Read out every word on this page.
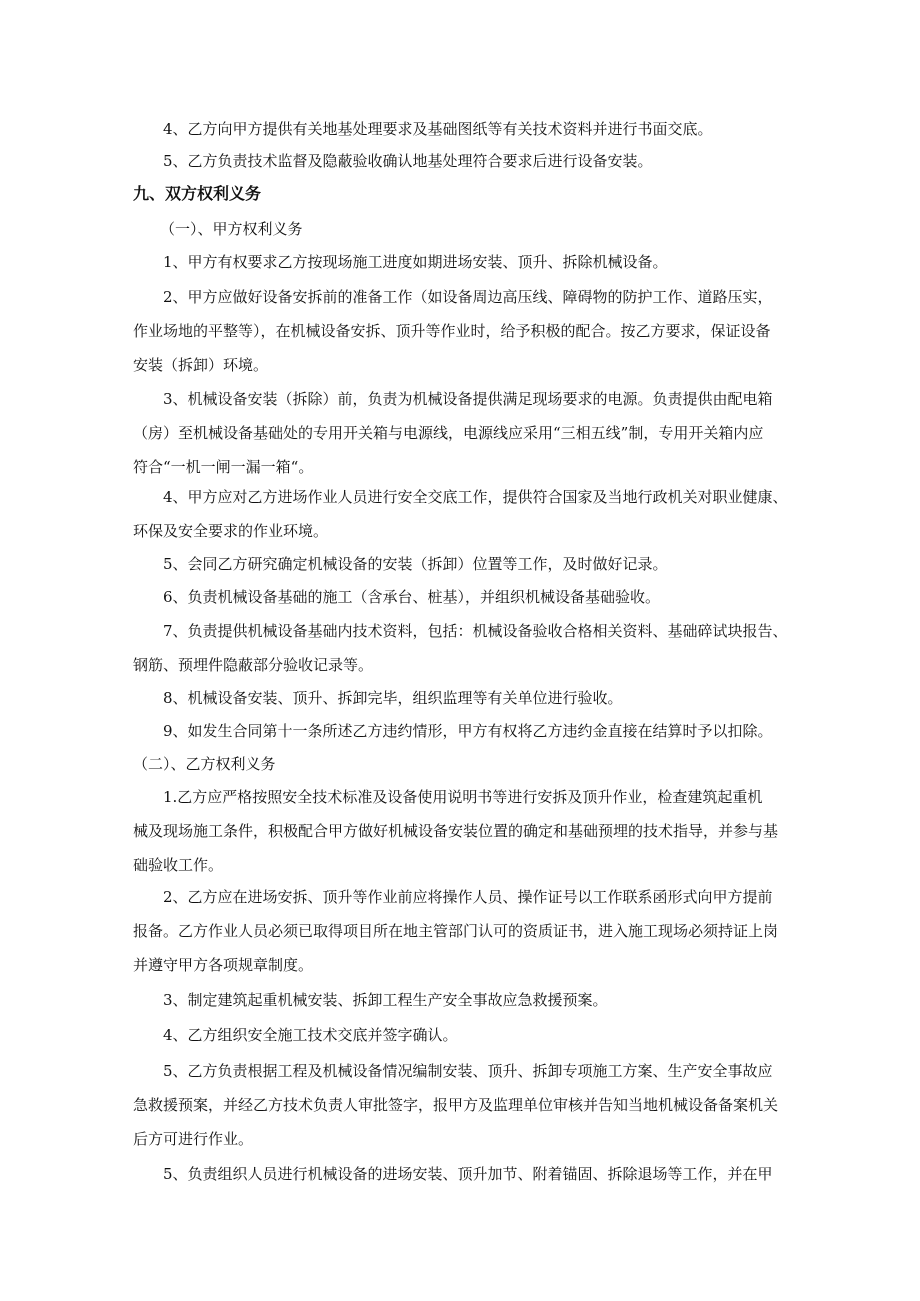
4、乙方向甲方提供有关地基处理要求及基础图纸等有关技术资料并进行书面交底。

5、乙方负责技术监督及隐蔽验收确认地基处理符合要求后进行设备安装。

九、双方权利义务

（一）、甲方权利义务

1、甲方有权要求乙方按现场施工进度如期进场安装、顶升、拆除机械设备。

2、甲方应做好设备安拆前的准备工作（如设备周边高压线、障碍物的防护工作、道路压实，
作业场地的平整等），在机械设备安拆、顶升等作业时，给予积极的配合。按乙方要求，保证设备
安装（拆卸）环境。

3、机械设备安装（拆除）前，负责为机械设备提供满足现场要求的电源。负责提供由配电箱
（房）至机械设备基础处的专用开关箱与电源线，电源线应采用“三相五线”制，专用开关箱内应
符合“一机一闸一漏一箱“。

4、甲方应对乙方进场作业人员进行安全交底工作，提供符合国家及当地行政机关对职业健康、
环保及安全要求的作业环境。

5、会同乙方研究确定机械设备的安装（拆卸）位置等工作，及时做好记录。

6、负责机械设备基础的施工（含承台、桩基），并组织机械设备基础验收。

7、负责提供机械设备基础内技术资料，包括：机械设备验收合格相关资料、基础碎试块报告、
钢筋、预埋件隐蔽部分验收记录等。

8、机械设备安装、顶升、拆卸完毕，组织监理等有关单位进行验收。

9、如发生合同第十一条所述乙方违约情形，甲方有权将乙方违约金直接在结算时予以扣除。

（二）、乙方权利义务

1.乙方应严格按照安全技术标准及设备使用说明书等进行安拆及顶升作业，检查建筑起重机
械及现场施工条件，积极配合甲方做好机械设备安装位置的确定和基础预埋的技术指导，并参与基
础验收工作。

2、乙方应在进场安拆、顶升等作业前应将操作人员、操作证号以工作联系函形式向甲方提前
报备。乙方作业人员必须已取得项目所在地主管部门认可的资质证书，进入施工现场必须持证上岗
并遵守甲方各项规章制度。

3、制定建筑起重机械安装、拆卸工程生产安全事故应急救援预案。

4、乙方组织安全施工技术交底并签字确认。

5、乙方负责根据工程及机械设备情况编制安装、顶升、拆卸专项施工方案、生产安全事故应
急救援预案，并经乙方技术负责人审批签字，报甲方及监理单位审核并告知当地机械设备备案机关
后方可进行作业。

5、负责组织人员进行机械设备的进场安装、顶升加节、附着锚固、拆除退场等工作，并在甲
